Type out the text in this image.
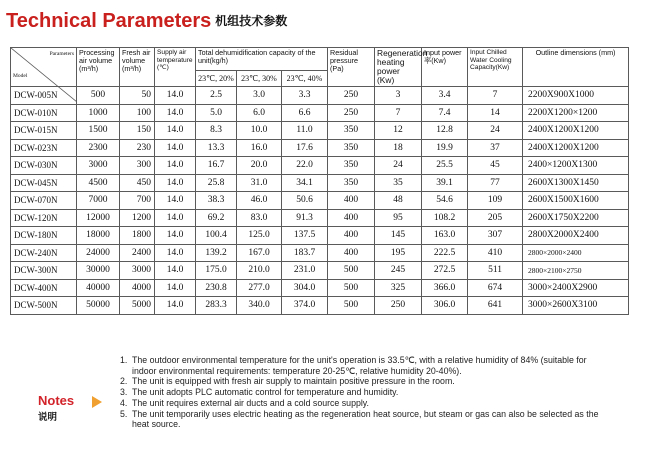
Technical Parameters 机组技术参数
Parameters
Model	Processing air volume (m³/h)	Fresh air volume (m³/h)	Supply air temperature (℃)	Total dehumidification capacity of the unit(kg/h)			Residual pressure (Pa)	Regeneration heating power (Kw)	Input power 率(Kw)	Input Chilled Water Cooling Capacity(Kw)	Outline dimensions (mm)
				23℃, 20%	23℃, 30%	23℃, 40%					
DCW-005N	500	50	14.0	2.5	3.0	3.3	250	3	3.4	7	2200X900X1000
DCW-010N	1000	100	14.0	5.0	6.0	6.6	250	7	7.4	14	2200X1200×1200
DCW-015N	1500	150	14.0	8.3	10.0	11.0	350	12	12.8	24	2400X1200X1200
DCW-023N	2300	230	14.0	13.3	16.0	17.6	350	18	19.9	37	2400X1200X1200
DCW-030N	3000	300	14.0	16.7	20.0	22.0	350	24	25.5	45	2400×1200X1300
DCW-045N	4500	450	14.0	25.8	31.0	34.1	350	35	39.1	77	2600X1300X1450
DCW-070N	7000	700	14.0	38.3	46.0	50.6	400	48	54.6	109	2600X1500X1600
DCW-120N	12000	1200	14.0	69.2	83.0	91.3	400	95	108.2	205	2600X1750X2200
DCW-180N	18000	1800	14.0	100.4	125.0	137.5	400	145	163.0	307	2800X2000X2400
DCW-240N	24000	2400	14.0	139.2	167.0	183.7	400	195	222.5	410	2800×2000×2400
DCW-300N	30000	3000	14.0	175.0	210.0	231.0	500	245	272.5	511	2800×2100×2750
DCW-400N	40000	4000	14.0	230.8	277.0	304.0	500	325	366.0	674	3000×2400X2900
DCW-500N	50000	5000	14.0	283.3	340.0	374.0	500	250	306.0	641	3000×2600X3100
Notes
说明
1. The outdoor environmental temperature for the unit's operation is 33.5℃, with a relative humidity of 84% (suitable for indoor environmental requirements: temperature 20-25℃, relative humidity 20-40%).
2. The unit is equipped with fresh air supply to maintain positive pressure in the room.
3. The unit adopts PLC automatic control for temperature and humidity.
4. The unit requires external air ducts and a cold source supply.
5. The unit temporarily uses electric heating as the regeneration heat source, but steam or gas can also be selected as the heat source.
